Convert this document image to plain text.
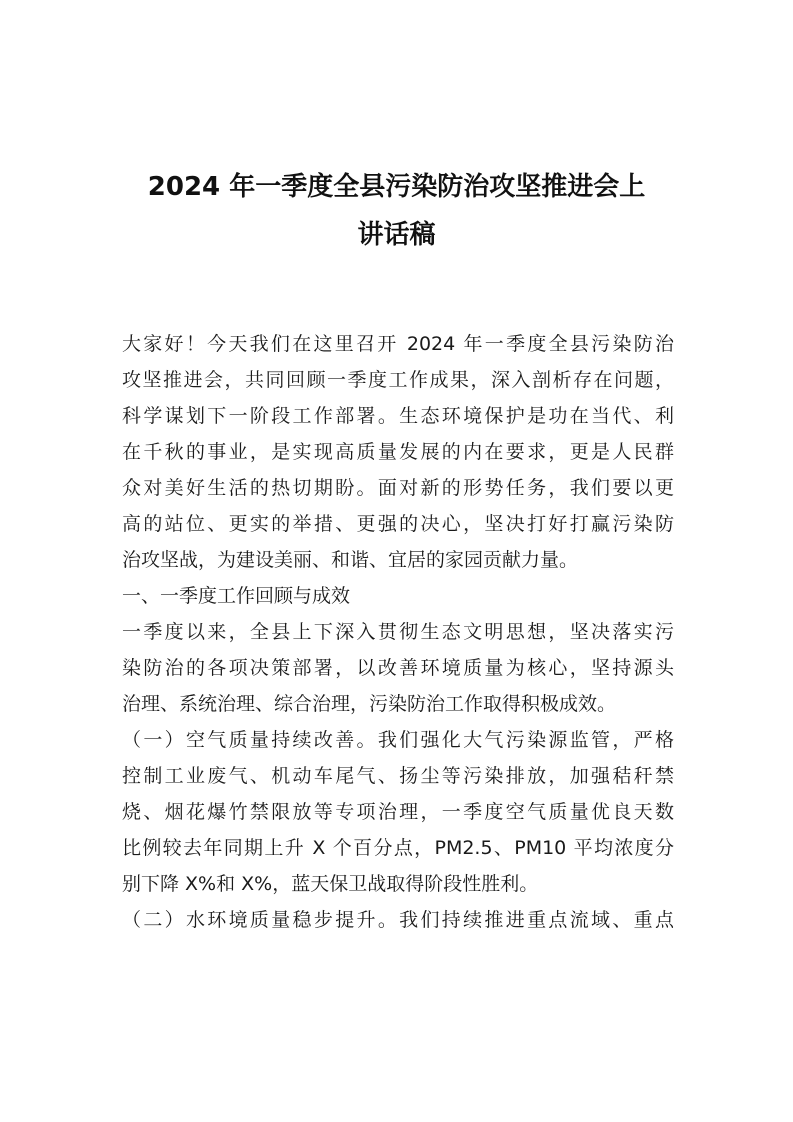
2024 年一季度全县污染防治攻坚推进会上
讲话稿
大家好！今天我们在这里召开 2024 年一季度全县污染防治
攻坚推进会，共同回顾一季度工作成果，深入剖析存在问题，
科学谋划下一阶段工作部署。生态环境保护是功在当代、利
在千秋的事业，是实现高质量发展的内在要求，更是人民群
众对美好生活的热切期盼。面对新的形势任务，我们要以更
高的站位、更实的举措、更强的决心，坚决打好打赢污染防
治攻坚战，为建设美丽、和谐、宜居的家园贡献力量。
一、一季度工作回顾与成效
一季度以来，全县上下深入贯彻生态文明思想，坚决落实污
染防治的各项决策部署，以改善环境质量为核心，坚持源头
治理、系统治理、综合治理，污染防治工作取得积极成效。
（一）空气质量持续改善。我们强化大气污染源监管，严格
控制工业废气、机动车尾气、扬尘等污染排放，加强秸秆禁
烧、烟花爆竹禁限放等专项治理，一季度空气质量优良天数
比例较去年同期上升 X 个百分点，PM2.5、PM10 平均浓度分
别下降 X%和 X%，蓝天保卫战取得阶段性胜利。
（二）水环境质量稳步提升。我们持续推进重点流域、重点
